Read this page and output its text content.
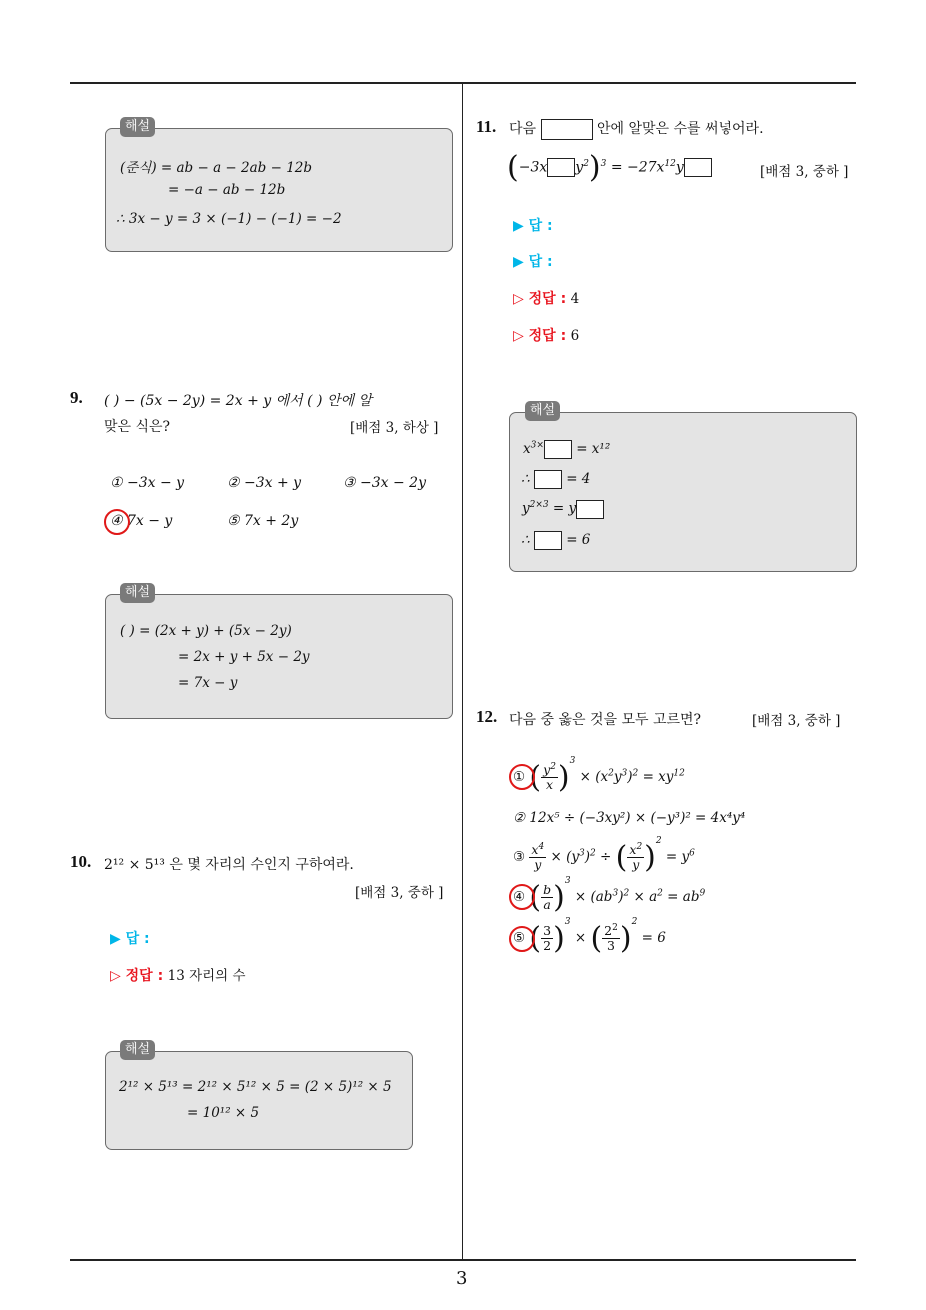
3
해설
(준식) = ab − a − 2ab − 12b
= −a − ab − 12b
∴ 3x − y = 3 × (−1) − (−1) = −2
9. ( ) − (5x − 2y) = 2x + y 에서 ( ) 안에 알
맞은 식은?	[배점 3, 하상 ]
① −3x − y	② −3x + y	③ −3x − 2y
④ 7x − y	⑤ 7x + 2y
해설
( ) = (2x + y) + (5x − 2y)
= 2x + y + 5x − 2y
= 7x − y
10. 2¹² × 5¹³ 은 몇 자리의 수인지 구하여라.
[배점 3, 중하 ]
▶ 답 :
▷ 정답 : 13 자리의 수
해설
2¹² × 5¹³ = 2¹² × 5¹² × 5 = (2 × 5)¹² × 5
= 10¹² × 5
11. 다음	안에 알맞은 수를 써넣어라.
(−3x $y^2)^3 = -27x^{12}y$	[배점 3, 중하 ]
▶ 답 :
▶ 답 :
▷ 정답 : 4
▷ 정답 : 6
해설
$x^{3\times} = x^{12}$
∴  = 4
$y^{2\times 3} = y$
∴  = 6
12. 다음 중 옳은 것을 모두 고르면?	[배점 3, 중하 ]
① ( $\frac{y^2}{x} )^3 \times (x^2y^3)^2 = xy^{12}$
② 12x⁵ ÷ (−3xy²) × (−y³)² = 4x⁴y⁴
③ $\frac{x^4}{y} \times (y^3)^2$ ÷ ( $\frac{x^2}{y} )^2 = y^6$
④ ( $\frac{b}{a} )^3 \times (ab^3)^2 \times a^2 = ab^9$
⑤ ( $\frac{3}{2} )^3$ × ( $\frac{2^2}{3} )^2 = 6$
